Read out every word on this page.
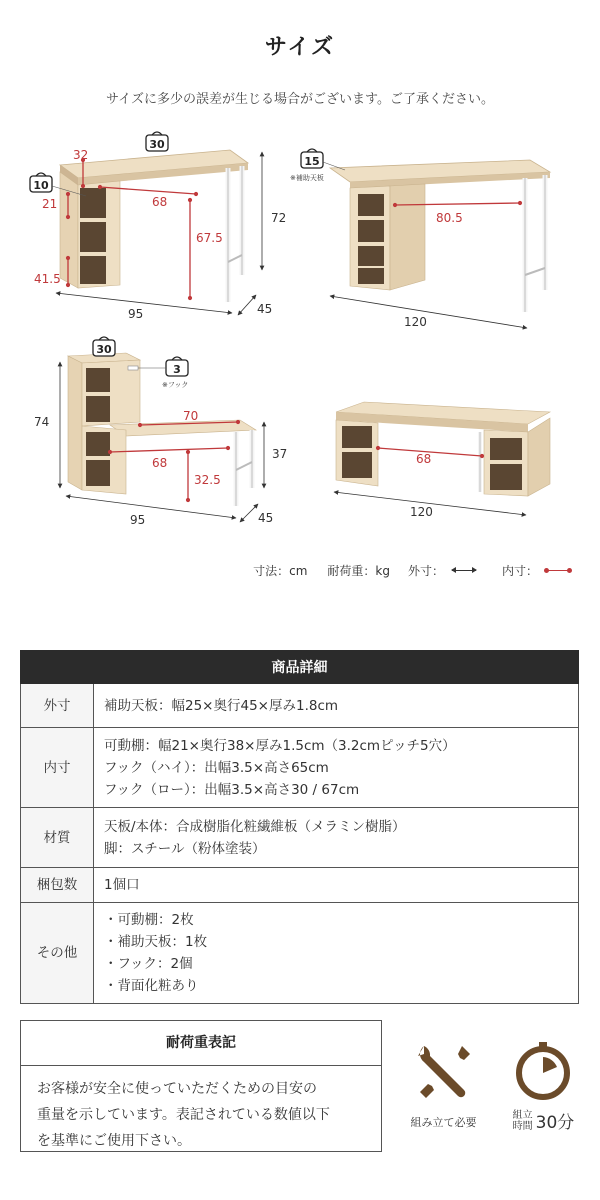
サイズ
サイズに多少の誤差が生じる場合がございます。ご了承ください。
30
10
32
21
41.5
68
67.5
72
95	45
15
※補助天板
80.5
120
30
3
※フック
74	70
68
37
32.5
95	45
68
120
寸法：cm 耐荷重：kg 外寸：	内寸：
商品詳細	
外寸	補助天板：幅25×奥行45×厚み1.8cm

内寸	可動棚：幅21×奥行38×厚み1.5cm（3.2cmピッチ5穴）
フック（ハイ）：出幅3.5×高さ65cm
フック（ロー）：出幅3.5×高さ30 / 67cm

材質	天板/本体：合成樹脂化粧繊維板（メラミン樹脂）
脚：スチール（粉体塗装）

梱包数	1個口

その他	・可動棚：2枚
・補助天板：1枚
・フック：2個
・背面化粧あり
耐荷重表記
お客様が安全に使っていただくための目安の
重量を示しています。表記されている数値以下
を基準にご使用下さい。
組み立て必要
組立時間 30分
